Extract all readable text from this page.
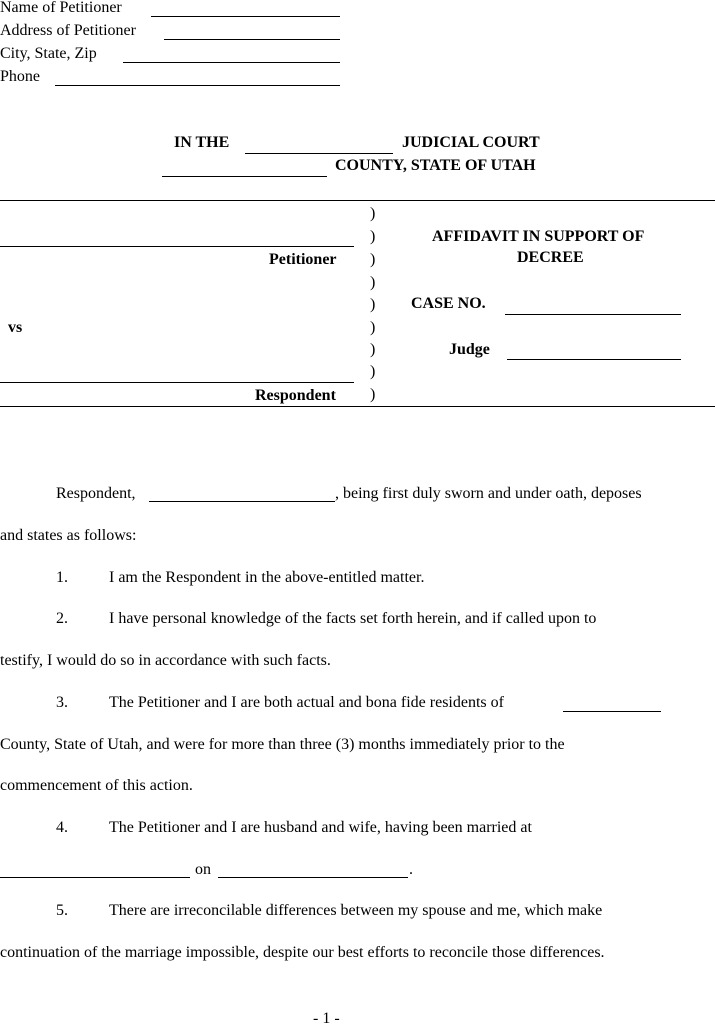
Name of Petitioner
Address of Petitioner
City, State, Zip
Phone
IN THE	JUDICIAL COURT
COUNTY, STATE OF UTAH
Petitioner
vs
Respondent
)
)
)
)
)
)
)
)
)
AFFIDAVIT IN SUPPORT OF
DECREE
CASE NO.
Judge
Respondent,	, being first duly sworn and under oath, deposes
and states as follows:
1.	I am the Respondent in the above-entitled matter.
2.	I have personal knowledge of the facts set forth herein, and if called upon to
testify, I would do so in accordance with such facts.
3.	The Petitioner and I are both actual and bona fide residents of
County, State of Utah, and were for more than three (3) months immediately prior to the
commencement of this action.
4.	The Petitioner and I are husband and wife, having been married at
on	.
5.	There are irreconcilable differences between my spouse and me, which make
continuation of the marriage impossible, despite our best efforts to reconcile those differences.
- 1 -
